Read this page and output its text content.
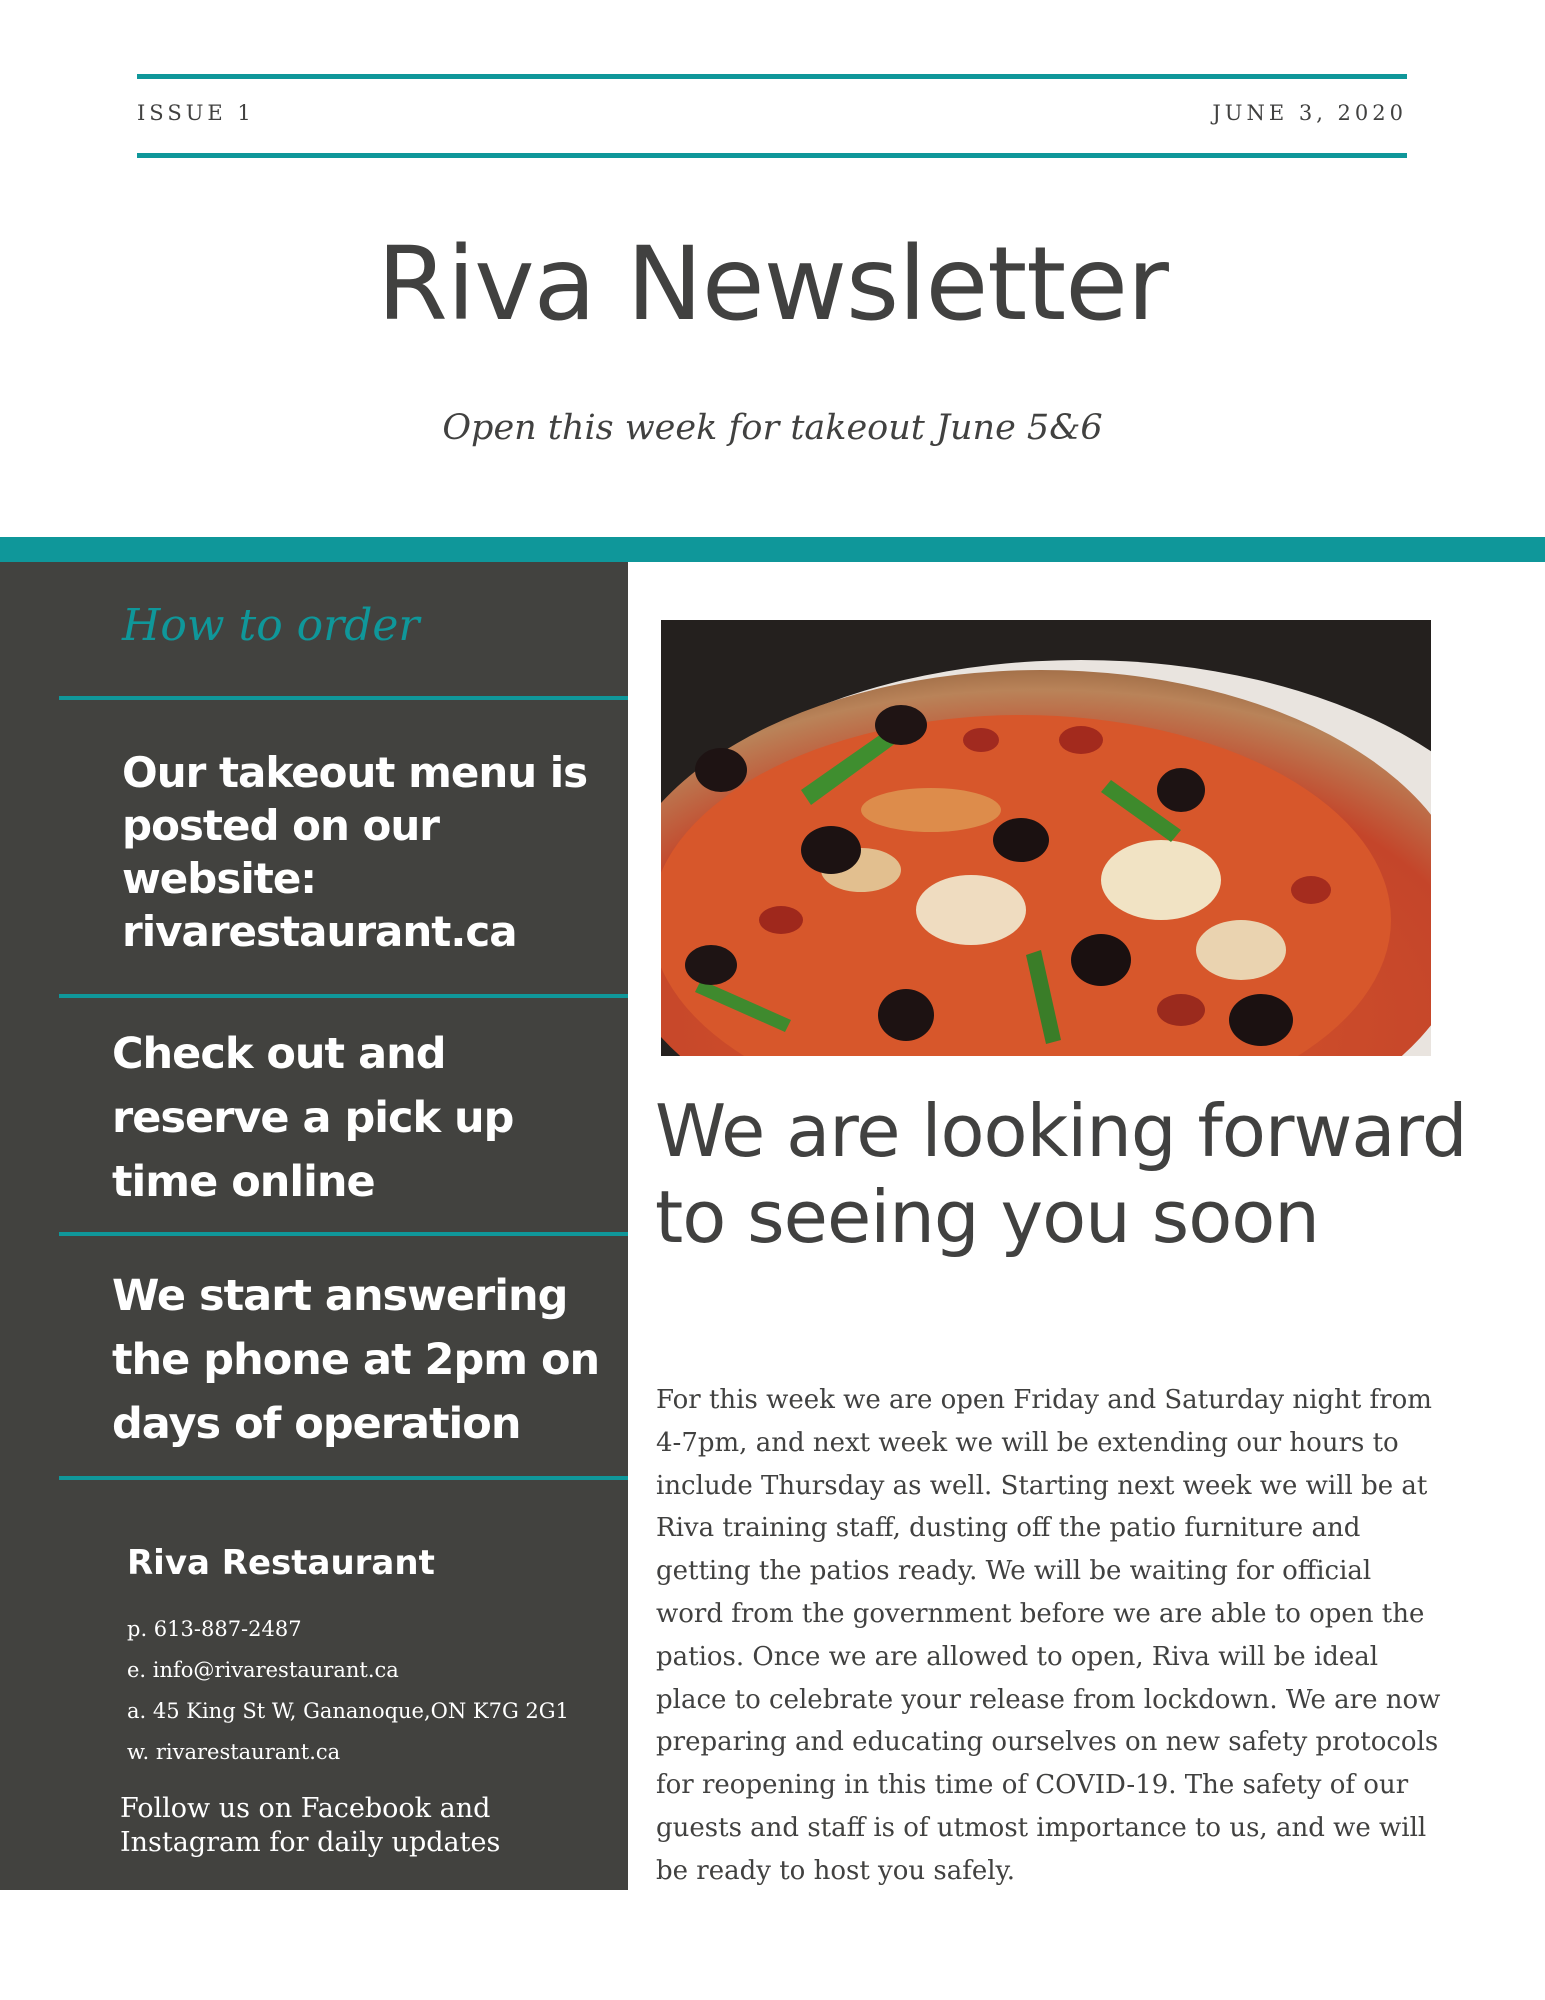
ISSUE 1	JUNE 3, 2020
Riva Newsletter
Open this week for takeout June 5&6
How to order
Our takeout menu is posted on our website: rivarestaurant.ca
Check out and reserve a pick up time online
We start answering the phone at 2pm on days of operation
Riva Restaurant
p. 613-887-2487
e. info@rivarestaurant.ca
a. 45 King St W, Gananoque,ON K7G 2G1
w. rivarestaurant.ca
Follow us on Facebook and Instagram for daily updates
We are looking forward to seeing you soon
For this week we are open Friday and Saturday night from 4-7pm, and next week we will be extending our hours to include Thursday as well. Starting next week we will be at Riva training staff, dusting off the patio furniture and getting the patios ready. We will be waiting for official word from the government before we are able to open the patios. Once we are allowed to open, Riva will be ideal place to celebrate your release from lockdown. We are now preparing and educating ourselves on new safety protocols for reopening in this time of COVID-19. The safety of our guests and staff is of utmost importance to us, and we will be ready to host you safely.
